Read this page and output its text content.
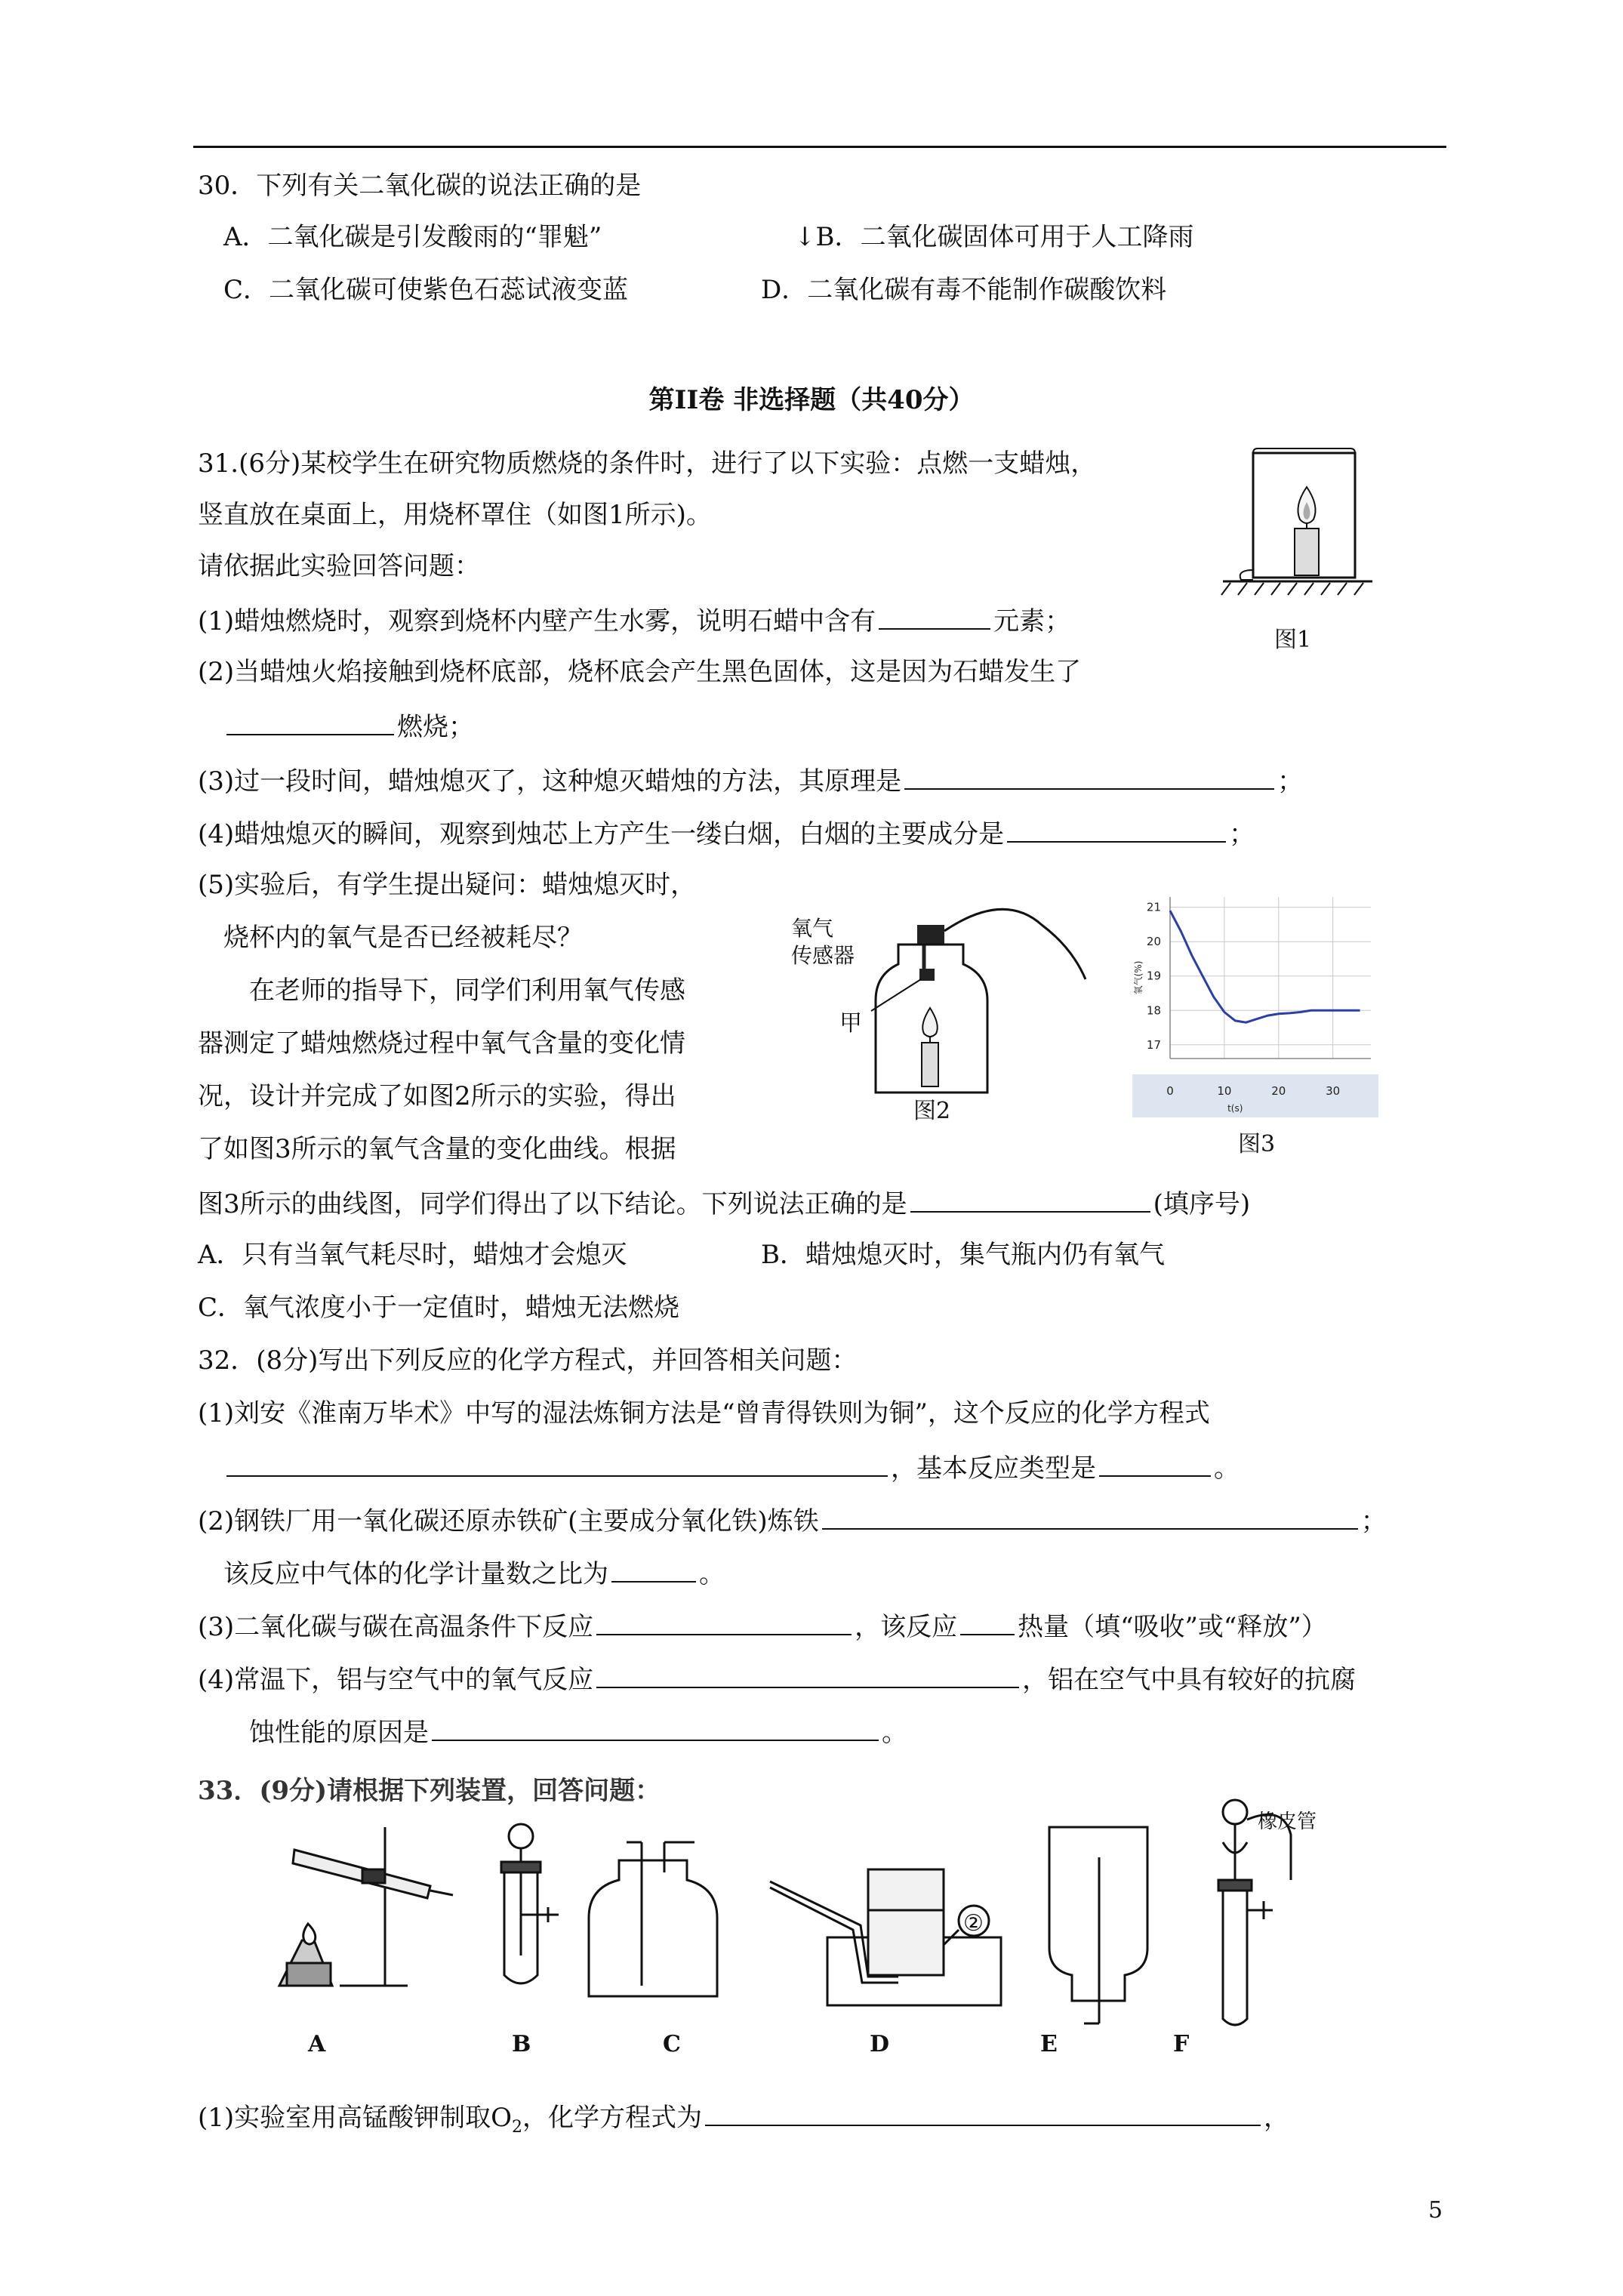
30．下列有关二氧化碳的说法正确的是
A．二氧化碳是引发酸雨的“罪魁”	↓B．二氧化碳固体可用于人工降雨
C．二氧化碳可使紫色石蕊试液变蓝	D．二氧化碳有毒不能制作碳酸饮料
第II卷 非选择题（共40分）
31.(6分)某校学生在研究物质燃烧的条件时，进行了以下实验：点燃一支蜡烛，
竖直放在桌面上，用烧杯罩住（如图1所示)。
请依据此实验回答问题：
(1)蜡烛燃烧时，观察到烧杯内壁产生水雾，说明石蜡中含有	元素；
(2)当蜡烛火焰接触到烧杯底部，烧杯底会产生黑色固体，这是因为石蜡发生了
燃烧；
(3)过一段时间，蜡烛熄灭了，这种熄灭蜡烛的方法，其原理是	；
(4)蜡烛熄灭的瞬间，观察到烛芯上方产生一缕白烟，白烟的主要成分是	；
(5)实验后，有学生提出疑问：蜡烛熄灭时，
烧杯内的氧气是否已经被耗尽？
在老师的指导下，同学们利用氧气传感
器测定了蜡烛燃烧过程中氧气含量的变化情
况，设计并完成了如图2所示的实验，得出
了如图3所示的氧气含量的变化曲线。根据
图3所示的曲线图，同学们得出了以下结论。下列说法正确的是	(填序号)
A．只有当氧气耗尽时，蜡烛才会熄灭	B．蜡烛熄灭时，集气瓶内仍有氧气
C．氧气浓度小于一定值时，蜡烛无法燃烧
图1
氧气
传感器
甲
图2
0	10	20	30
17
18
19
20
21
t(s)
氧气(%)
图3
32．(8分)写出下列反应的化学方程式，并回答相关问题：
(1)刘安《淮南万毕术》中写的湿法炼铜方法是“曾青得铁则为铜”，这个反应的化学方程式
，基本反应类型是	。
(2)钢铁厂用一氧化碳还原赤铁矿(主要成分氧化铁)炼铁	；
该反应中气体的化学计量数之比为	。
(3)二氧化碳与碳在高温条件下反应	，该反应 热量（填“吸收”或“释放”）
(4)常温下，铝与空气中的氧气反应	，铝在空气中具有较好的抗腐
蚀性能的原因是	。
33．(9分)请根据下列装置，回答问题：
橡皮管
②
A	B	C	D	E	F
(1)实验室用高锰酸钾制取$O_2$，化学方程式为	，
5
